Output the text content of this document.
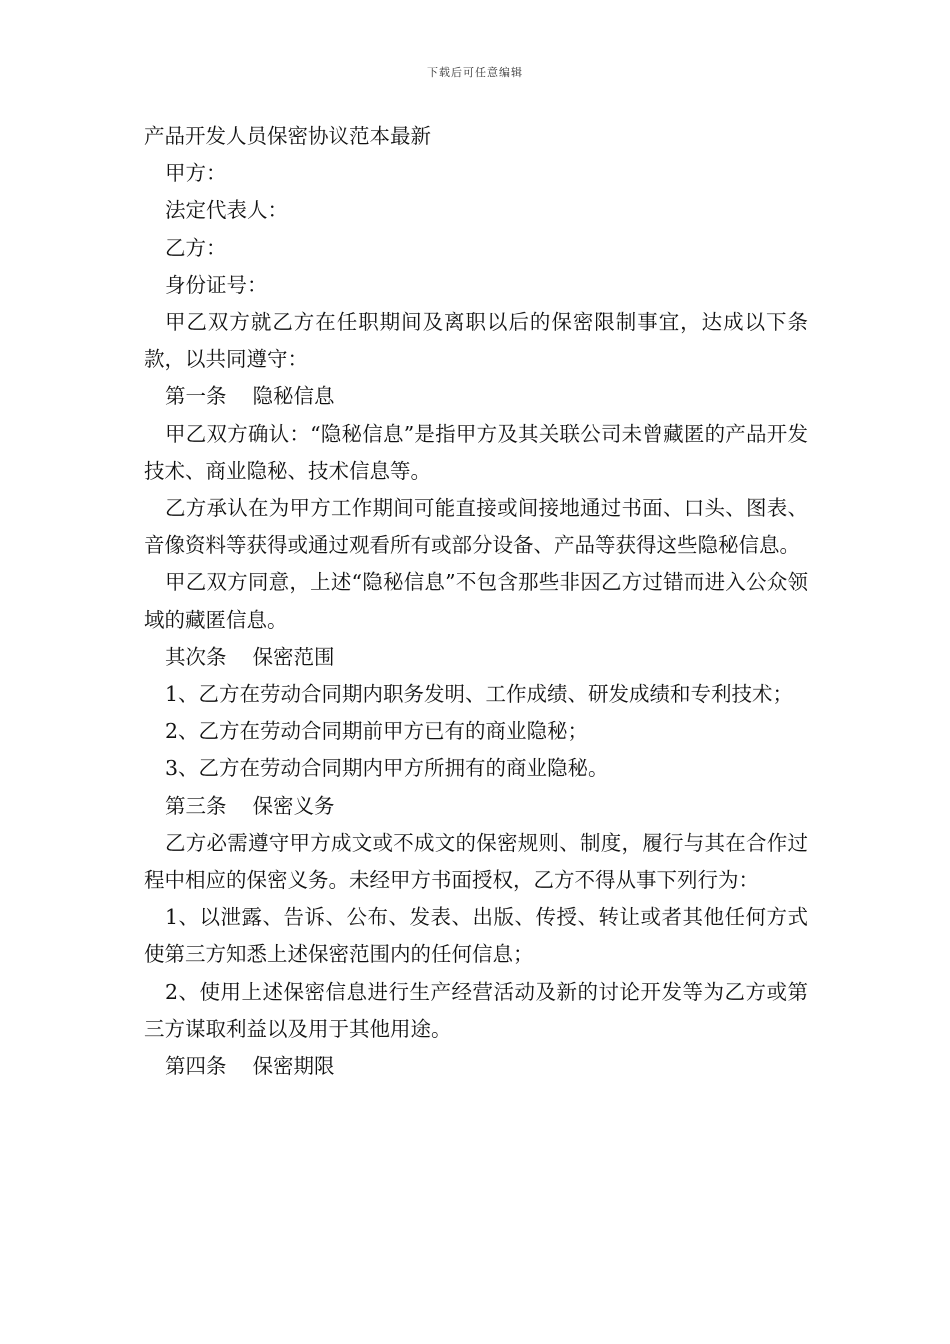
下载后可任意编辑

产品开发人员保密协议范本最新

甲方：

法定代表人：

乙方：

身份证号：

甲乙双方就乙方在任职期间及离职以后的保密限制事宜，达成以下条款，以共同遵守：

第一条 隐秘信息

甲乙双方确认：“隐秘信息”是指甲方及其关联公司未曾藏匿的产品开发技术、商业隐秘、技术信息等。

乙方承认在为甲方工作期间可能直接或间接地通过书面、口头、图表、音像资料等获得或通过观看所有或部分设备、产品等获得这些隐秘信息。

甲乙双方同意，上述“隐秘信息”不包含那些非因乙方过错而进入公众领域的藏匿信息。

其次条 保密范围

1、乙方在劳动合同期内职务发明、工作成绩、研发成绩和专利技术；

2、乙方在劳动合同期前甲方已有的商业隐秘；

3、乙方在劳动合同期内甲方所拥有的商业隐秘。

第三条 保密义务

乙方必需遵守甲方成文或不成文的保密规则、制度，履行与其在合作过程中相应的保密义务。未经甲方书面授权，乙方不得从事下列行为：

1、以泄露、告诉、公布、发表、出版、传授、转让或者其他任何方式使第三方知悉上述保密范围内的任何信息；

2、使用上述保密信息进行生产经营活动及新的讨论开发等为乙方或第三方谋取利益以及用于其他用途。

第四条 保密期限
